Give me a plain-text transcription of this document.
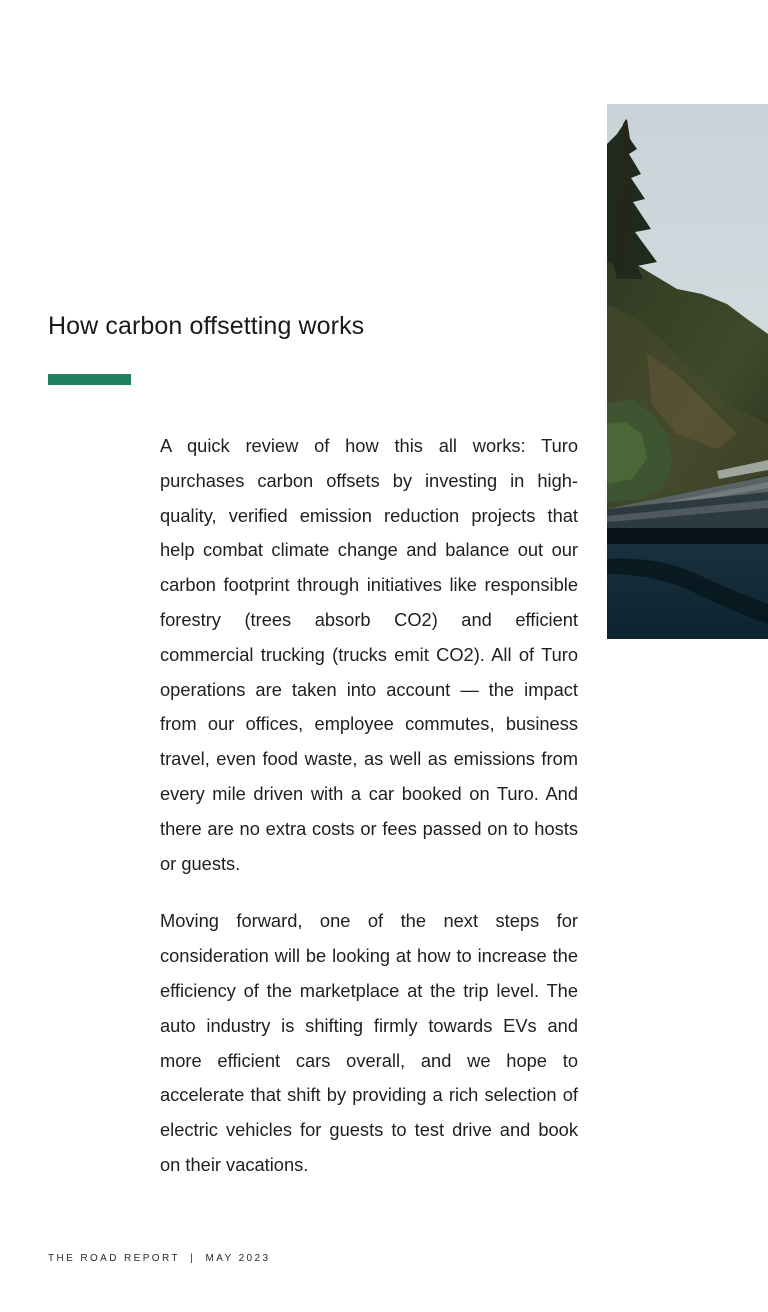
How carbon offsetting works

A quick review of how this all works: Turo purchases carbon offsets by investing in high-quality, verified emission reduction projects that help combat climate change and balance out our carbon footprint through initiatives like responsible forestry (trees absorb CO2) and efficient commercial trucking (trucks emit CO2). All of Turo operations are taken into account — the impact from our offices, employee commutes, business travel, even food waste, as well as emissions from every mile driven with a car booked on Turo. And there are no extra costs or fees passed on to hosts or guests.

Moving forward, one of the next steps for consideration will be looking at how to increase the efficiency of the marketplace at the trip level. The auto industry is shifting firmly towards EVs and more efficient cars overall, and we hope to accelerate that shift by providing a rich selection of electric vehicles for guests to test drive and book on their vacations.

THE ROAD REPORT  |  MAY 2023
